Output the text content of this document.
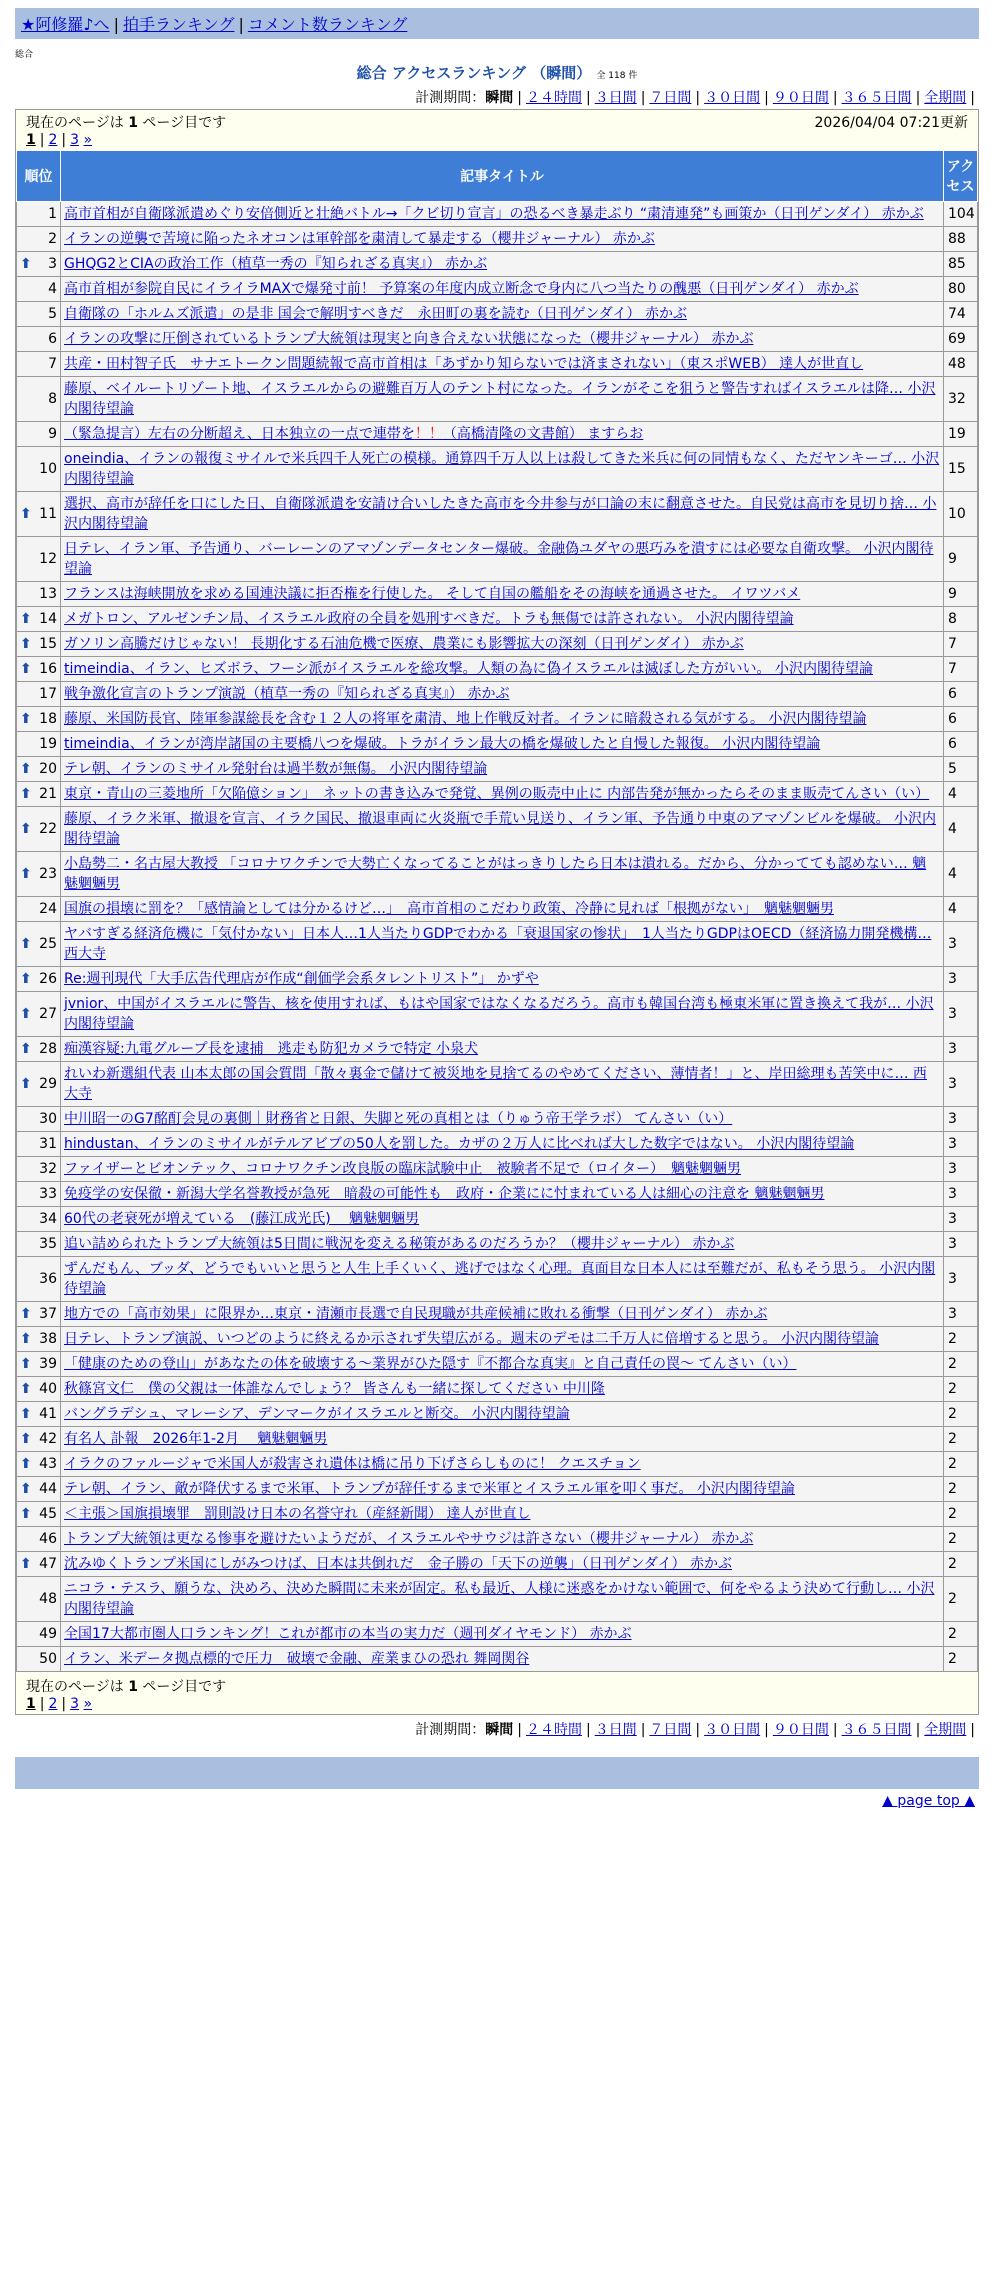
★阿修羅♪へ | 拍手ランキング | コメント数ランキング
総合
総合 アクセスランキング （瞬間） 全 118 件
計測期間：瞬間 | ２４時間 | ３日間 | ７日間 | ３０日間 | ９０日間 | ３６５日間 | 全期間 |
現在のページは 1 ページ目です	2026/04/04 07:21更新
1 | 2 | 3 »
順位	記事タイトル	アクセス
1	高市首相が自衛隊派遣めぐり安倍側近と壮絶バトル→「クビ切り宣言」の恐るべき暴走ぶり “粛清連発”も画策か（日刊ゲンダイ） 赤かぶ	104
2	イランの逆襲で苦境に陥ったネオコンは軍幹部を粛清して暴走する（櫻井ジャーナル） 赤かぶ	88

⬆ 3	GHQG2とCIAの政治工作（植草一秀の『知られざる真実』） 赤かぶ	85
4	高市首相が参院自民にイライラMAXで爆発寸前！ 予算案の年度内成立断念で身内に八つ当たりの醜悪（日刊ゲンダイ） 赤かぶ	80
5	自衛隊の「ホルムズ派遣」の是非 国会で解明すべきだ　永田町の裏を読む（日刊ゲンダイ） 赤かぶ	74
6	イランの攻撃に圧倒されているトランプ大統領は現実と向き合えない状態になった（櫻井ジャーナル） 赤かぶ	69
7	共産・田村智子氏　サナエトークン問題続報で高市首相は「あずかり知らないでは済まされない」（東スポWEB） 達人が世直し	48
8	藤原、ベイルートリゾート地、イスラエルからの避難百万人のテント村になった。イランがそこを狙うと警告すればイスラエルは降… 小沢内閣待望論	32
9	（緊急提言）左右の分断超え、日本独立の一点で連帯を！！（高橋清隆の文書館） ますらお	19
10	oneindia、イランの報復ミサイルで米兵四千人死亡の模様。通算四千万人以上は殺してきた米兵に何の同情もなく、ただヤンキーゴ… 小沢内閣待望論	15

⬆ 11	選択、高市が辞任を口にした日、自衛隊派遣を安請け合いしたきた高市を今井参与が口論の末に翻意させた。自民党は高市を見切り捨… 小沢内閣待望論	10
12	日テレ、イラン軍、予告通り、バーレーンのアマゾンデータセンター爆破。金融偽ユダヤの悪巧みを潰すには必要な自衛攻撃。 小沢内閣待望論	9
13	フランスは海峡開放を求める国連決議に拒否権を行使した。 そして自国の艦船をその海峡を通過させた。 イワツバメ	9

⬆ 14	メガトロン、アルゼンチン局、イスラエル政府の全員を処刑すべきだ。トラも無傷では許されない。 小沢内閣待望論	8

⬆ 15	ガソリン高騰だけじゃない！ 長期化する石油危機で医療、農業にも影響拡大の深刻（日刊ゲンダイ） 赤かぶ	7

⬆ 16	timeindia、イラン、ヒズボラ、フーシ派がイスラエルを総攻撃。人類の為に偽イスラエルは滅ぼした方がいい。 小沢内閣待望論	7
17	戦争激化宣言のトランプ演説（植草一秀の『知られざる真実』） 赤かぶ	6

⬆ 18	藤原、米国防長官、陸軍参謀総長を含む１２人の将軍を粛清、地上作戦反対者。イランに暗殺される気がする。 小沢内閣待望論	6
19	timeindia、イランが湾岸諸国の主要橋八つを爆破。トラがイラン最大の橋を爆破したと自慢した報復。 小沢内閣待望論	6

⬆ 20	テレ朝、イランのミサイル発射台は過半数が無傷。 小沢内閣待望論	5

⬆ 21	東京・青山の三菱地所「欠陥億ション」　ネットの書き込みで発覚、異例の販売中止に 内部告発が無かったらそのまま販売てんさい（い）	4

⬆ 22	藤原、イラク米軍、撤退を宣言、イラク国民、撤退車両に火炎瓶で手荒い見送り、イラン軍、予告通り中東のアマゾンビルを爆破。 小沢内閣待望論	4

⬆ 23	小島勢二・名古屋大教授 「コロナワクチンで大勢亡くなってることがはっきりしたら日本は潰れる。だから、分かってても認めない… 魑魅魍魎男	4
24	国旗の損壊に罰を？「感情論としては分かるけど…」　高市首相のこだわり政策、冷静に見れば「根拠がない」　魑魅魍魎男	4

⬆ 25	ヤバすぎる経済危機に「気付かない」日本人…1人当たりGDPでわかる「衰退国家の惨状」　1人当たりGDPはOECD（経済協力開発機構… 西大寺	3

⬆ 26	Re:週刊現代「大手広告代理店が作成“創価学会系タレントリスト”」 かずや	3

⬆ 27	jvnior、中国がイスラエルに警告、核を使用すれば、もはや国家ではなくなるだろう。高市も韓国台湾も極東米軍に置き換えて我が… 小沢内閣待望論	3

⬆ 28	痴漢容疑:九電グループ長を逮捕　逃走も防犯カメラで特定 小泉犬	3

⬆ 29	れいわ新選組代表 山本太郎の国会質問「散々裏金で儲けて被災地を見捨てるのやめてください、薄情者！」と、岸田総理も苦笑中に… 西大寺	3
30	中川昭一のG7酩酊会見の裏側｜財務省と日銀、失脚と死の真相とは（りゅう帝王学ラボ） てんさい（い）	3
31	hindustan、イランのミサイルがテルアビブの50人を罰した。カザの２万人に比べれば大した数字ではない。 小沢内閣待望論	3
32	ファイザーとビオンテック、コロナワクチン改良版の臨床試験中止　被験者不足で（ロイター）　魑魅魍魎男	3
33	免疫学の安保徹・新潟大学名誉教授が急死　暗殺の可能性も　政府・企業にに忖まれている人は細心の注意を 魑魅魍魎男	3
34	60代の老衰死が増えている　(藤江成光氏)　 魑魅魍魎男	3
35	追い詰められたトランプ大統領は5日間に戦況を変える秘策があるのだろうか？（櫻井ジャーナル） 赤かぶ	3
36	ずんだもん、ブッダ、どうでもいいと思うと人生上手くいく、逃げではなく心理。真面目な日本人には至難だが、私もそう思う。 小沢内閣待望論	3

⬆ 37	地方での「高市効果」に限界か…東京・清瀬市長選で自民現職が共産候補に敗れる衝撃（日刊ゲンダイ） 赤かぶ	3

⬆ 38	日テレ、トランプ演説、いつどのように終えるか示されず失望広がる。週末のデモは二千万人に倍増すると思う。 小沢内閣待望論	2

⬆ 39	「健康のための登山」があなたの体を破壊する～業界がひた隠す『不都合な真実』と自己責任の罠～ てんさい（い）	2

⬆ 40	秋篠宮文仁　僕の父親は一体誰なんでしょう？ 皆さんも一緒に探してください 中川隆	2

⬆ 41	バングラデシュ、マレーシア、デンマークがイスラエルと断交。 小沢内閣待望論	2

⬆ 42	有名人 訃報　2026年1-2月　 魑魅魍魎男	2

⬆ 43	イラクのファルージャで米国人が殺害され遺体は橋に吊り下げさらしものに！ クエスチョン	2

⬆ 44	テレ朝、イラン、敵が降伏するまで米軍、トランプが辞任するまで米軍とイスラエル軍を叩く事だ。 小沢内閣待望論	2

⬆ 45	＜主張＞国旗損壊罪　罰則設け日本の名誉守れ（産経新聞） 達人が世直し	2
46	トランプ大統領は更なる惨事を避けたいようだが、イスラエルやサウジは許さない（櫻井ジャーナル） 赤かぶ	2

⬆ 47	沈みゆくトランプ米国にしがみつけば、日本は共倒れだ　金子勝の「天下の逆襲」（日刊ゲンダイ） 赤かぶ	2
48	ニコラ・テスラ、願うな、決めろ、決めた瞬間に未来が固定。私も最近、人様に迷惑をかけない範囲で、何をやるよう決めて行動し… 小沢内閣待望論	2
49	全国17大都市圏人口ランキング！これが都市の本当の実力だ（週刊ダイヤモンド） 赤かぶ	2
50	イラン、米データ拠点標的で圧力　破壊で金融、産業まひの恐れ 舞岡関谷	2
現在のページは 1 ページ目です
1 | 2 | 3 »
計測期間：瞬間 | ２４時間 | ３日間 | ７日間 | ３０日間 | ９０日間 | ３６５日間 | 全期間 |
▲ page top ▲
